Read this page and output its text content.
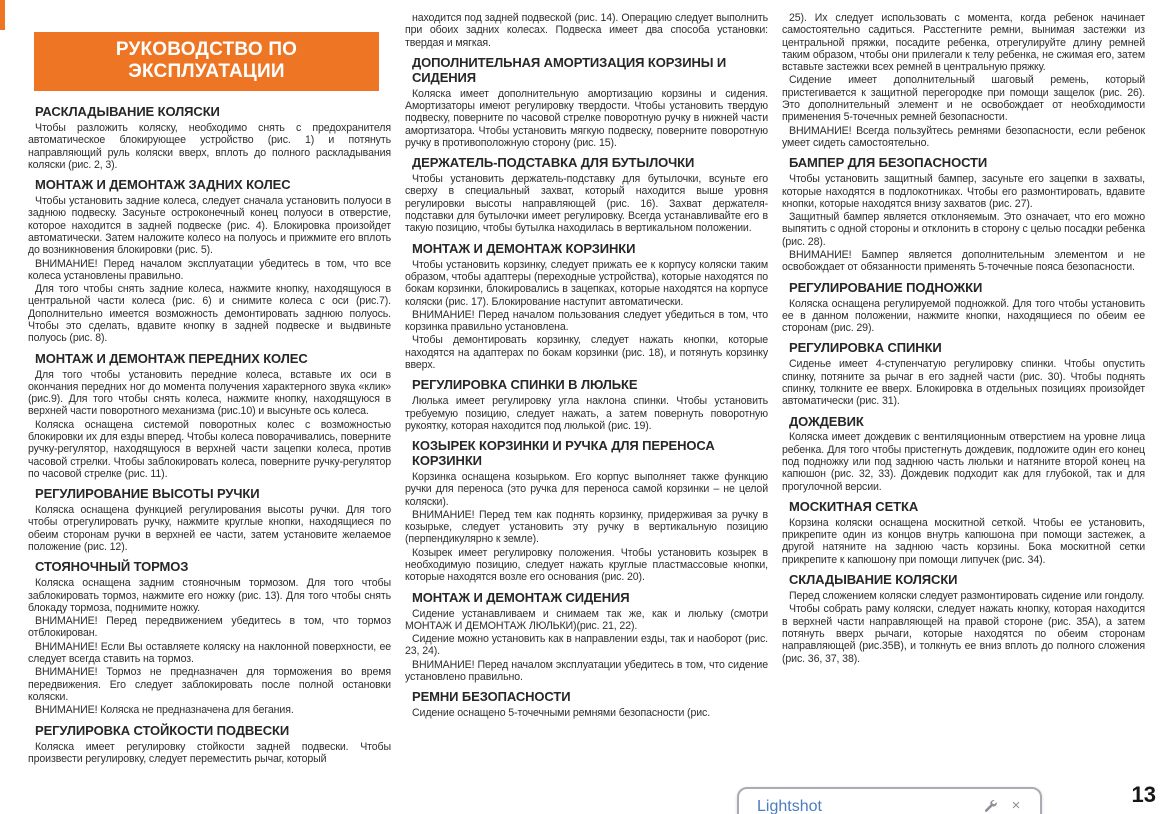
РУКОВОДСТВО ПО ЭКСПЛУАТАЦИИ
РАСКЛАДЫВАНИЕ КОЛЯСКИ

Чтобы разложить коляску, необходимо снять с предохранителя автоматическое блокирующее устройство (рис. 1) и потянуть направляющий руль коляски вверх, вплоть до полного раскладывания коляски (рис. 2, 3).

МОНТАЖ И ДЕМОНТАЖ ЗАДНИХ КОЛЕС

Чтобы установить задние колеса, следует сначала установить полуоси в заднюю подвеску. Засуньте остроконечный конец полуоси в отверстие, которое находится в задней подвеске (рис. 4). Блокировка произойдет автоматически. Затем наложите колесо на полуось и прижмите его вплоть до возникновения блокировки (рис. 5).

ВНИМАНИЕ! Перед началом эксплуатации убедитесь в том, что все колеса установлены правильно.

Для того чтобы снять задние колеса, нажмите кнопку, находящуюся в центральной части колеса (рис. 6) и снимите колеса с оси (рис.7). Дополнительно имеется возможность демонтировать заднюю полуось. Чтобы это сделать, вдавите кнопку в задней подвеске и выдвиньте полуось (рис. 8).

МОНТАЖ И ДЕМОНТАЖ ПЕРЕДНИХ КОЛЕС

Для того чтобы установить передние колеса, вставьте их оси в окончания передних ног до момента получения характерного звука «клик» (рис.9). Для того чтобы снять колеса, нажмите кнопку, находящуюся в верхней части поворотного механизма (рис.10) и высуньте ось колеса.

Коляска оснащена системой поворотных колес с возможностью блокировки их для езды вперед. Чтобы колеса поворачивались, поверните ручку-регулятор, находящуюся в верхней части зацепки колеса, против часовой стрелки. Чтобы заблокировать колеса, поверните ручку-регулятор по часовой стрелке (рис. 11).

РЕГУЛИРОВАНИЕ ВЫСОТЫ РУЧКИ

Коляска оснащена функцией регулирования высоты ручки. Для того чтобы отрегулировать ручку, нажмите круглые кнопки, находящиеся по обеим сторонам ручки в верхней ее части, затем установите желаемое положение (рис. 12).

СТОЯНОЧНЫЙ ТОРМОЗ

Коляска оснащена задним стояночным тормозом. Для того чтобы заблокировать тормоз, нажмите его ножку (рис. 13). Для того чтобы снять блокаду тормоза, поднимите ножку.

ВНИМАНИЕ! Перед передвижением убедитесь в том, что тормоз отблокирован.

ВНИМАНИЕ! Если Вы оставляете коляску на наклонной поверхности, ее следует всегда ставить на тормоз.

ВНИМАНИЕ! Тормоз не предназначен для торможения во время передвижения. Его следует заблокировать после полной остановки коляски.

ВНИМАНИЕ! Коляска не предназначена для бегания.

РЕГУЛИРОВКА СТОЙКОСТИ ПОДВЕСКИ

Коляска имеет регулировку стойкости задней подвески. Чтобы произвести регулировку, следует переместить рычаг, который

находится под задней подвеской (рис. 14). Операцию следует выполнить при обоих задних колесах. Подвеска имеет два способа установки: твердая и мягкая.

ДОПОЛНИТЕЛЬНАЯ АМОРТИЗАЦИЯ КОРЗИНЫ И СИДЕНИЯ

Коляска имеет дополнительную амортизацию корзины и сидения. Амортизаторы имеют регулировку твердости. Чтобы установить твердую подвеску, поверните по часовой стрелке поворотную ручку в нижней части амортизатора. Чтобы установить мягкую подвеску, поверните поворотную ручку в противоположную сторону (рис. 15).

ДЕРЖАТЕЛЬ-ПОДСТАВКА ДЛЯ БУТЫЛОЧКИ

Чтобы установить держатель-подставку для бутылочки, всуньте его сверху в специальный захват, который находится выше уровня регулировки высоты направляющей (рис. 16). Захват держателя-подставки для бутылочки имеет регулировку. Всегда устанавливайте его в такую позицию, чтобы бутылка находилась в вертикальном положении.

МОНТАЖ И ДЕМОНТАЖ КОРЗИНКИ

Чтобы установить корзинку, следует прижать ее к корпусу коляски таким образом, чтобы адаптеры (переходные устройства), которые находятся по бокам корзинки, блокировались в зацепках, которые находятся на корпусе коляски (рис. 17). Блокирование наступит автоматически.

ВНИМАНИЕ! Перед началом пользования следует убедиться в том, что корзинка правильно установлена.

Чтобы демонтировать корзинку, следует нажать кнопки, которые находятся на адаптерах по бокам корзинки (рис. 18), и потянуть корзинку вверх.

РЕГУЛИРОВКА СПИНКИ В ЛЮЛЬКЕ

Люлька имеет регулировку угла наклона спинки. Чтобы установить требуемую позицию, следует нажать, а затем повернуть поворотную рукоятку, которая находится под люлькой (рис. 19).

КОЗЫРЕК КОРЗИНКИ И РУЧКА ДЛЯ ПЕРЕНОСА КОРЗИНКИ

Корзинка оснащена козырьком. Его корпус выполняет также функцию ручки для переноса (это ручка для переноса самой корзинки – не целой коляски).

ВНИМАНИЕ! Перед тем как поднять корзинку, придерживая за ручку в козырьке, следует установить эту ручку в вертикальную позицию (перпендикулярно к земле).

Козырек имеет регулировку положения. Чтобы установить козырек в необходимую позицию, следует нажать круглые пластмассовые кнопки, которые находятся возле его основания (рис. 20).

МОНТАЖ И ДЕМОНТАЖ СИДЕНИЯ

Сидение устанавливаем и снимаем так же, как и люльку (смотри МОНТАЖ И ДЕМОНТАЖ ЛЮЛЬКИ)(рис. 21, 22).

Сидение можно установить как в направлении езды, так и наоборот (рис. 23, 24).

ВНИМАНИЕ! Перед началом эксплуатации убедитесь в том, что сидение установлено правильно.

РЕМНИ БЕЗОПАСНОСТИ

Сидение оснащено 5-точечными ремнями безопасности (рис.

25). Их следует использовать с момента, когда ребенок начинает самостоятельно садиться. Расстегните ремни, вынимая застежки из центральной пряжки, посадите ребенка, отрегулируйте длину ремней таким образом, чтобы они прилегали к телу ребенка, не сжимая его, затем вставьте застежки всех ремней в центральную пряжку.

Сидение имеет дополнительный шаговый ремень, который пристегивается к защитной перегородке при помощи защелок (рис. 26). Это дополнительный элемент и не освобождает от необходимости применения 5-точечных ремней безопасности.

ВНИМАНИЕ! Всегда пользуйтесь ремнями безопасности, если ребенок умеет сидеть самостоятельно.

БАМПЕР ДЛЯ БЕЗОПАСНОСТИ

Чтобы установить защитный бампер, засуньте его зацепки в захваты, которые находятся в подлокотниках. Чтобы его размонтировать, вдавите кнопки, которые находятся внизу захватов (рис. 27).

Защитный бампер является отклоняемым. Это означает, что его можно выпятить с одной стороны и отклонить в сторону с целью посадки ребенка (рис. 28).

ВНИМАНИЕ! Бампер является дополнительным элементом и не освобождает от обязанности применять 5-точечные пояса безопасности.

РЕГУЛИРОВАНИЕ ПОДНОЖКИ

Коляска оснащена регулируемой подножкой. Для того чтобы установить ее в данном положении, нажмите кнопки, находящиеся по обеим ее сторонам (рис. 29).

РЕГУЛИРОВКА СПИНКИ

Сиденье имеет 4-ступенчатую регулировку спинки. Чтобы опустить спинку, потяните за рычаг в его задней части (рис. 30). Чтобы поднять спинку, толкните ее вверх. Блокировка в отдельных позициях произойдет автоматически (рис. 31).

ДОЖДЕВИК

Коляска имеет дождевик с вентиляционным отверстием на уровне лица ребенка. Для того чтобы пристегнуть дождевик, подложите один его конец под подножку или под заднюю часть люльки и натяните второй конец на капюшон (рис. 32, 33). Дождевик подходит как для глубокой, так и для прогулочной версии.

МОСКИТНАЯ СЕТКА

Корзина коляски оснащена москитной сеткой. Чтобы ее установить, прикрепите один из концов внутрь капюшона при помощи застежек, а другой натяните на заднюю часть корзины. Бока москитной сетки прикрепите к капюшону при помощи липучек (рис. 34).

СКЛАДЫВАНИЕ КОЛЯСКИ

Перед сложением коляски следует размонтировать сидение или гондолу.

Чтобы собрать раму коляски, следует нажать кнопку, которая находится в верхней части направляющей на правой стороне (рис. 35А), а затем потянуть вверх рычаги, которые находятся по обеим сторонам направляющей (рис.35В), и толкнуть ее вниз вплоть до полного сложения (рис. 36, 37, 38).

13
Lightshot	×
